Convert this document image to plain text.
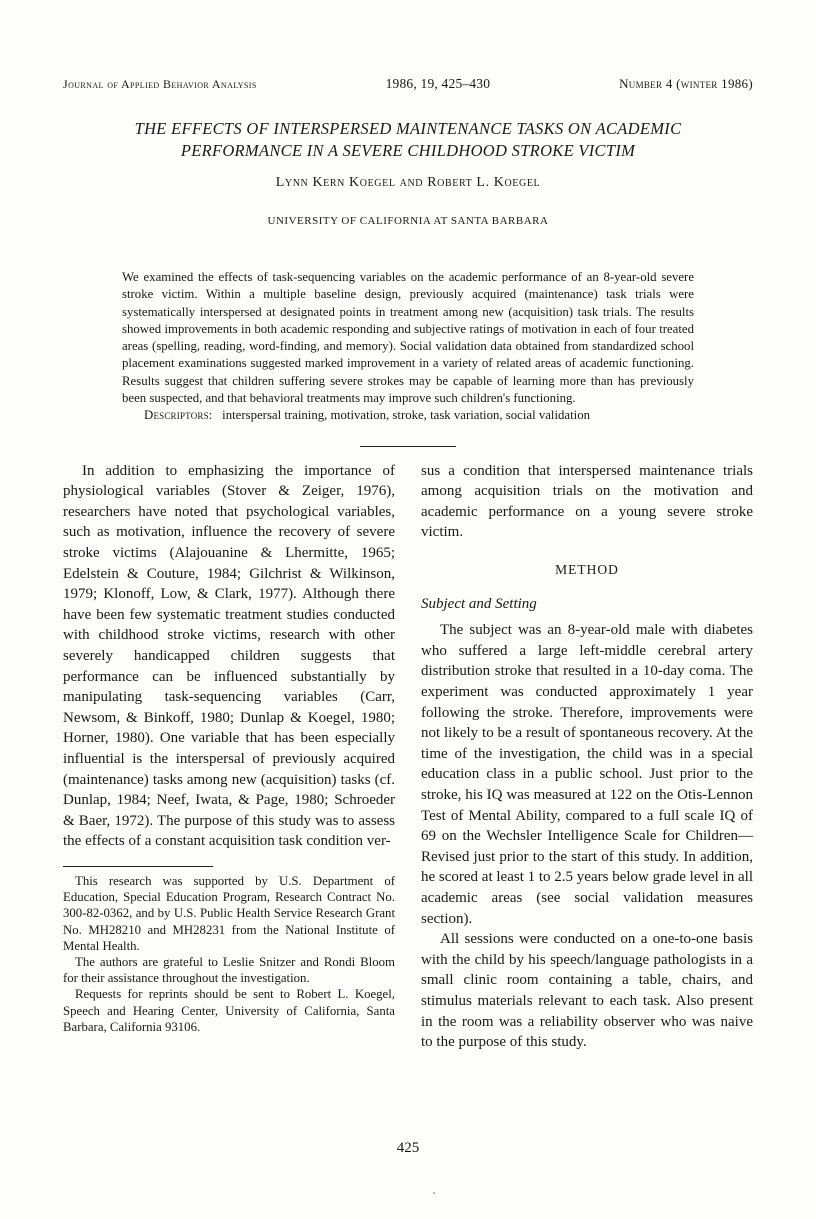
Journal of Applied Behavior Analysis	1986, 19, 425–430	Number 4 (winter 1986)
THE EFFECTS OF INTERSPERSED MAINTENANCE TASKS ON ACADEMIC
PERFORMANCE IN A SEVERE CHILDHOOD STROKE VICTIM
Lynn Kern Koegel and Robert L. Koegel
UNIVERSITY OF CALIFORNIA AT SANTA BARBARA

We examined the effects of task-sequencing variables on the academic performance of an 8-year-old severe stroke victim. Within a multiple baseline design, previously acquired (maintenance) task trials were systematically interspersed at designated points in treatment among new (acquisition) task trials. The results showed improvements in both academic responding and subjective ratings of motivation in each of four treated areas (spelling, reading, word-finding, and memory). Social validation data obtained from standardized school placement examinations suggested marked improvement in a variety of related areas of academic functioning. Results suggest that children suffering severe strokes may be capable of learning more than has previously been suspected, and that behavioral treatments may improve such children's functioning.

Descriptors: interspersal training, motivation, stroke, task variation, social validation

In addition to emphasizing the importance of physiological variables (Stover & Zeiger, 1976), researchers have noted that psychological variables, such as motivation, influence the recovery of severe stroke victims (Alajouanine & Lhermitte, 1965; Edelstein & Couture, 1984; Gilchrist & Wilkinson, 1979; Klonoff, Low, & Clark, 1977). Although there have been few systematic treatment studies conducted with childhood stroke victims, research with other severely handicapped children suggests that performance can be influenced substantially by manipulating task-sequencing variables (Carr, Newsom, & Binkoff, 1980; Dunlap & Koegel, 1980; Horner, 1980). One variable that has been especially influential is the interspersal of previously acquired (maintenance) tasks among new (acquisition) tasks (cf. Dunlap, 1984; Neef, Iwata, & Page, 1980; Schroeder & Baer, 1972). The purpose of this study was to assess the effects of a constant acquisition task condition ver-

This research was supported by U.S. Department of Education, Special Education Program, Research Contract No. 300-82-0362, and by U.S. Public Health Service Research Grant No. MH28210 and MH28231 from the National Institute of Mental Health.

The authors are grateful to Leslie Snitzer and Rondi Bloom for their assistance throughout the investigation.

Requests for reprints should be sent to Robert L. Koegel, Speech and Hearing Center, University of California, Santa Barbara, California 93106.

sus a condition that interspersed maintenance trials among acquisition trials on the motivation and academic performance on a young severe stroke victim.

METHOD

Subject and Setting

The subject was an 8-year-old male with diabetes who suffered a large left-middle cerebral artery distribution stroke that resulted in a 10-day coma. The experiment was conducted approximately 1 year following the stroke. Therefore, improvements were not likely to be a result of spontaneous recovery. At the time of the investigation, the child was in a special education class in a public school. Just prior to the stroke, his IQ was measured at 122 on the Otis-Lennon Test of Mental Ability, compared to a full scale IQ of 69 on the Wechsler Intelligence Scale for Children—Revised just prior to the start of this study. In addition, he scored at least 1 to 2.5 years below grade level in all academic areas (see social validation measures section).

All sessions were conducted on a one-to-one basis with the child by his speech/language pathologists in a small clinic room containing a table, chairs, and stimulus materials relevant to each task. Also present in the room was a reliability observer who was naive to the purpose of this study.

425
